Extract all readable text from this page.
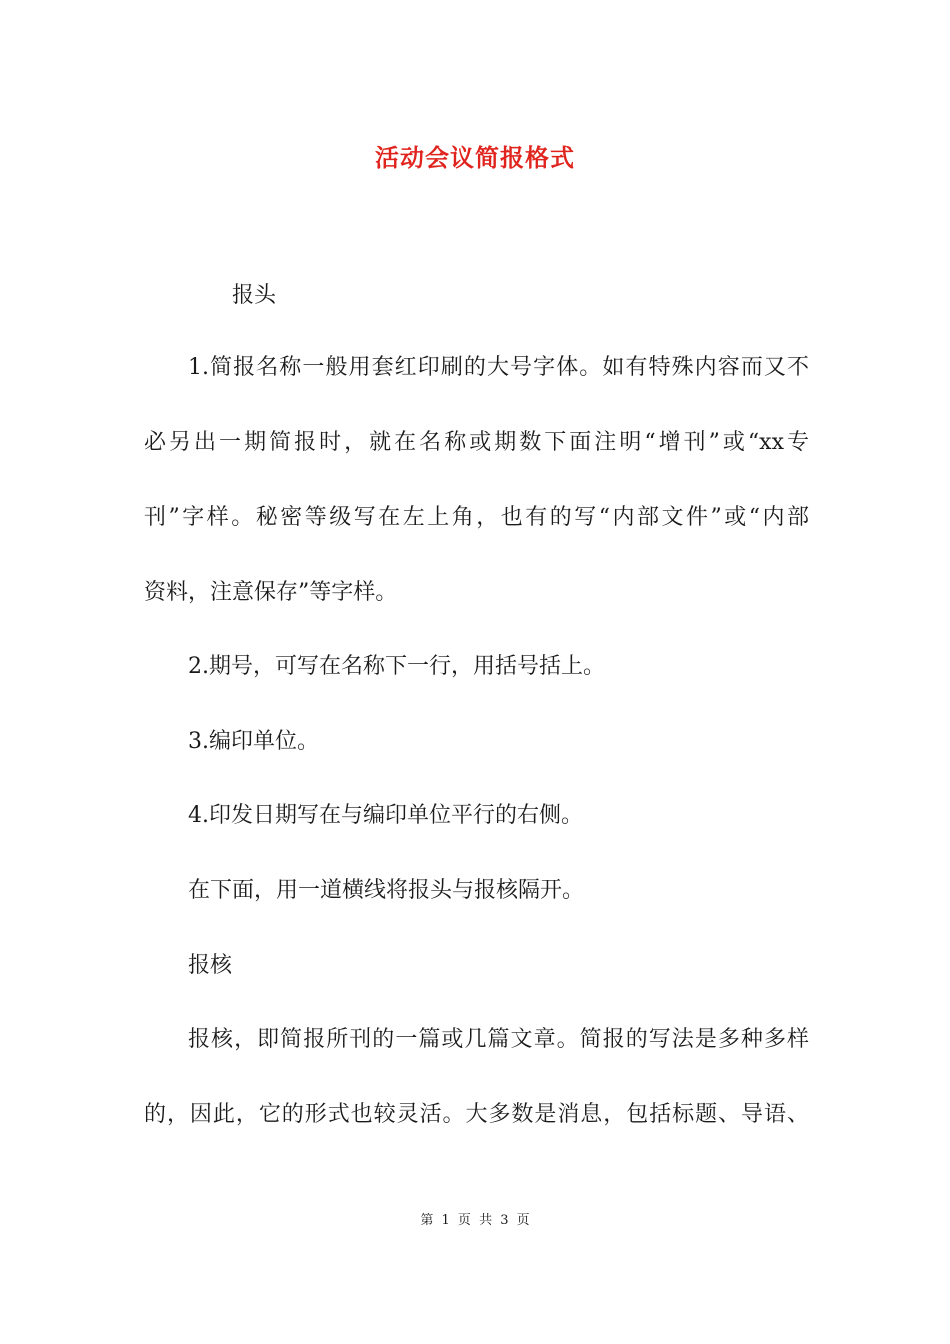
活动会议简报格式

报头

1.简报名称一般用套红印刷的大号字体。如有特殊内容而又不

必另出一期简报时，就在名称或期数下面注明“增刊”或“xx专

刊”字样。秘密等级写在左上角，也有的写“内部文件”或“内部

资料，注意保存”等字样。

2.期号，可写在名称下一行，用括号括上。

3.编印单位。

4.印发日期写在与编印单位平行的右侧。

在下面，用一道横线将报头与报核隔开。

报核

报核，即简报所刊的一篇或几篇文章。简报的写法是多种多样

的，因此，它的形式也较灵活。大多数是消息，包括标题、导语、

第 1 页 共 3 页
